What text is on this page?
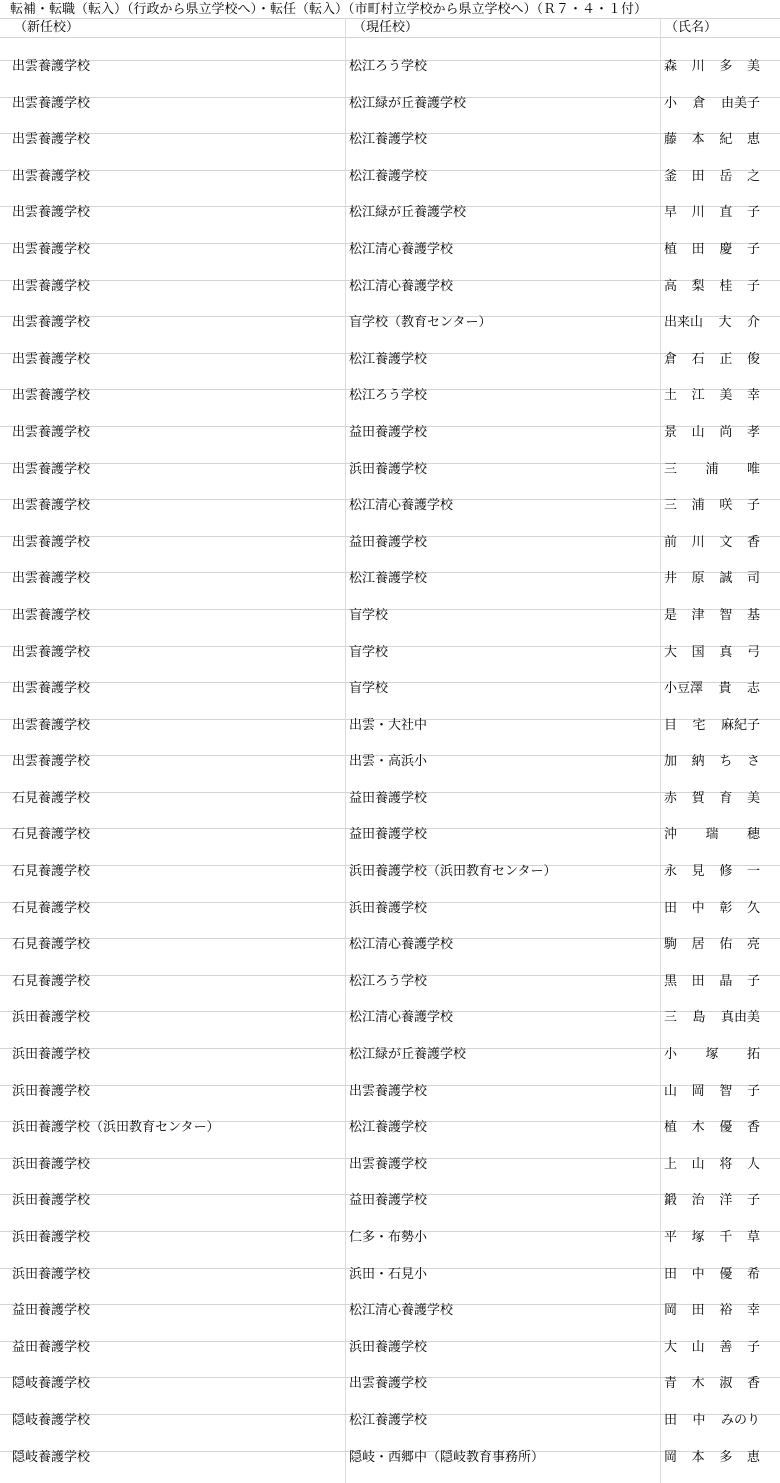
転補・転職（転入）（行政から県立学校へ）・転任（転入）（市町村立学校から県立学校へ）（Ｒ７・４・１付）
（新任校）	（現任校）	（氏名）
出雲養護学校	松江ろう学校	森 川 多 美
出雲養護学校	松江緑が丘養護学校	小 倉 由美子
出雲養護学校	松江養護学校	藤 本 紀 恵
出雲養護学校	松江養護学校	釜 田 岳 之
出雲養護学校	松江緑が丘養護学校	早 川 直 子
出雲養護学校	松江清心養護学校	植 田 慶 子
出雲養護学校	松江清心養護学校	高 梨 桂 子
出雲養護学校	盲学校（教育センター）	出来山 大 介
出雲養護学校	松江養護学校	倉 石 正 俊
出雲養護学校	松江ろう学校	土 江 美 幸
出雲養護学校	益田養護学校	景 山 尚 孝
出雲養護学校	浜田養護学校	三 浦 唯
出雲養護学校	松江清心養護学校	三 浦 咲 子
出雲養護学校	益田養護学校	前 川 文 香
出雲養護学校	松江養護学校	井 原 誠 司
出雲養護学校	盲学校	是 津 智 基
出雲養護学校	盲学校	大 国 真 弓
出雲養護学校	盲学校	小豆澤 貴 志
出雲養護学校	出雲・大社中	目 宅 麻紀子
出雲養護学校	出雲・高浜小	加 納 ち さ
石見養護学校	益田養護学校	赤 賀 育 美
石見養護学校	益田養護学校	沖 瑞 穂
石見養護学校	浜田養護学校（浜田教育センター）	永 見 修 一
石見養護学校	浜田養護学校	田 中 彰 久
石見養護学校	松江清心養護学校	駒 居 佑 亮
石見養護学校	松江ろう学校	黒 田 晶 子
浜田養護学校	松江清心養護学校	三 島 真由美
浜田養護学校	松江緑が丘養護学校	小 塚 拓
浜田養護学校	出雲養護学校	山 岡 智 子
浜田養護学校（浜田教育センター）	松江養護学校	植 木 優 香
浜田養護学校	出雲養護学校	上 山 将 人
浜田養護学校	益田養護学校	鍛 治 洋 子
浜田養護学校	仁多・布勢小	平 塚 千 草
浜田養護学校	浜田・石見小	田 中 優 希
益田養護学校	松江清心養護学校	岡 田 裕 幸
益田養護学校	浜田養護学校	大 山 善 子
隠岐養護学校	出雲養護学校	青 木 淑 香
隠岐養護学校	松江養護学校	田 中 みのり
隠岐養護学校	隠岐・西郷中（隠岐教育事務所）	岡 本 多 恵
